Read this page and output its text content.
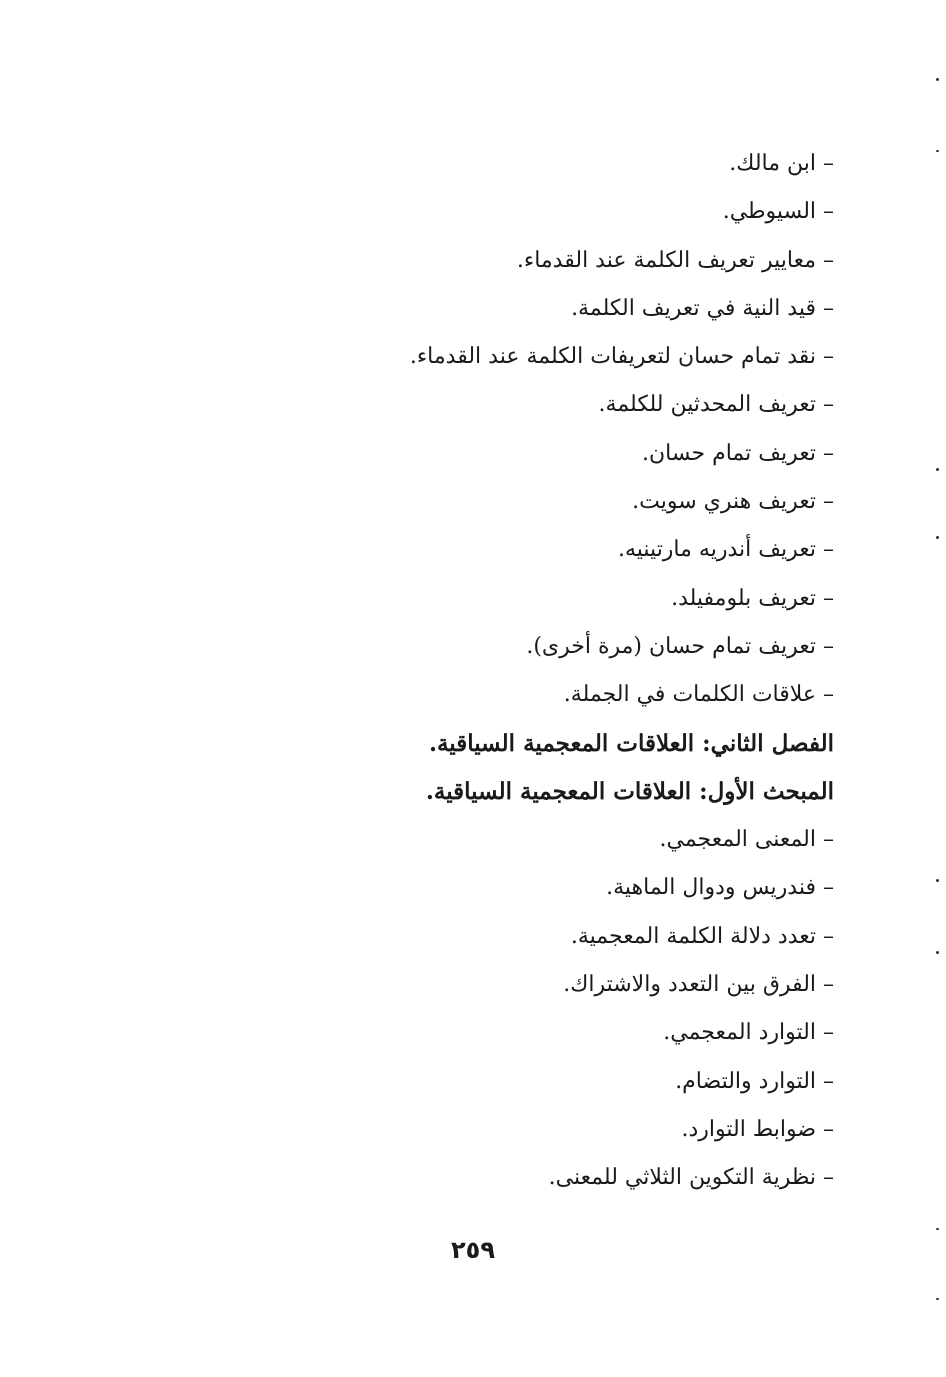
– ابن مالك.
– السيوطي.
– معايير تعريف الكلمة عند القدماء.
– قيد النية في تعريف الكلمة.
– نقد تمام حسان لتعريفات الكلمة عند القدماء.
– تعريف المحدثين للكلمة.
– تعريف تمام حسان.
– تعريف هنري سويت.
– تعريف أندريه مارتينيه.
– تعريف بلومفيلد.
– تعريف تمام حسان (مرة أخرى).
– علاقات الكلمات في الجملة.
الفصل الثاني: العلاقات المعجمية السياقية.
المبحث الأول: العلاقات المعجمية السياقية.
– المعنى المعجمي.
– فندريس ودوال الماهية.
– تعدد دلالة الكلمة المعجمية.
– الفرق بين التعدد والاشتراك.
– التوارد المعجمي.
– التوارد والتضام.
– ضوابط التوارد.
– نظرية التكوين الثلاثي للمعنى.
٢٥٩
